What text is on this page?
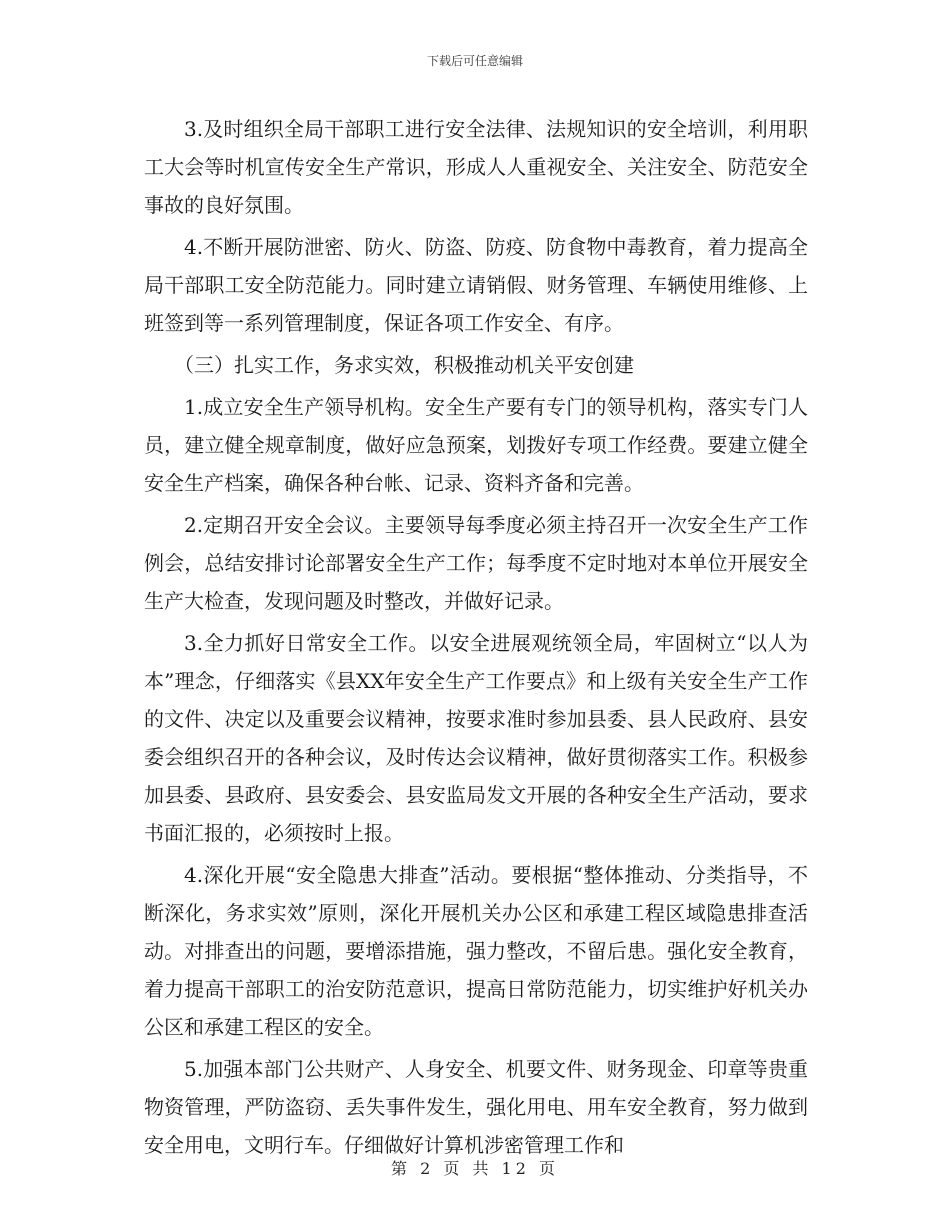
下载后可任意编辑

3.及时组织全局干部职工进行安全法律、法规知识的安全培训，利用职工大会等时机宣传安全生产常识，形成人人重视安全、关注安全、防范安全事故的良好氛围。

4.不断开展防泄密、防火、防盗、防疫、防食物中毒教育，着力提高全局干部职工安全防范能力。同时建立请销假、财务管理、车辆使用维修、上班签到等一系列管理制度，保证各项工作安全、有序。

（三）扎实工作，务求实效，积极推动机关平安创建

1.成立安全生产领导机构。安全生产要有专门的领导机构，落实专门人员，建立健全规章制度，做好应急预案，划拨好专项工作经费。要建立健全安全生产档案，确保各种台帐、记录、资料齐备和完善。

2.定期召开安全会议。主要领导每季度必须主持召开一次安全生产工作例会，总结安排讨论部署安全生产工作；每季度不定时地对本单位开展安全生产大检查，发现问题及时整改，并做好记录。

3.全力抓好日常安全工作。以安全进展观统领全局，牢固树立“以人为本”理念，仔细落实《县XX年安全生产工作要点》和上级有关安全生产工作的文件、决定以及重要会议精神，按要求准时参加县委、县人民政府、县安委会组织召开的各种会议，及时传达会议精神，做好贯彻落实工作。积极参加县委、县政府、县安委会、县安监局发文开展的各种安全生产活动，要求书面汇报的，必须按时上报。

4.深化开展“安全隐患大排查”活动。要根据“整体推动、分类指导，不断深化，务求实效”原则，深化开展机关办公区和承建工程区域隐患排查活动。对排查出的问题，要增添措施，强力整改，不留后患。强化安全教育，着力提高干部职工的治安防范意识，提高日常防范能力，切实维护好机关办公区和承建工程区的安全。

5.加强本部门公共财产、人身安全、机要文件、财务现金、印章等贵重物资管理，严防盗窃、丢失事件发生，强化用电、用车安全教育，努力做到安全用电，文明行车。仔细做好计算机涉密管理工作和

第 2 页 共 12 页
